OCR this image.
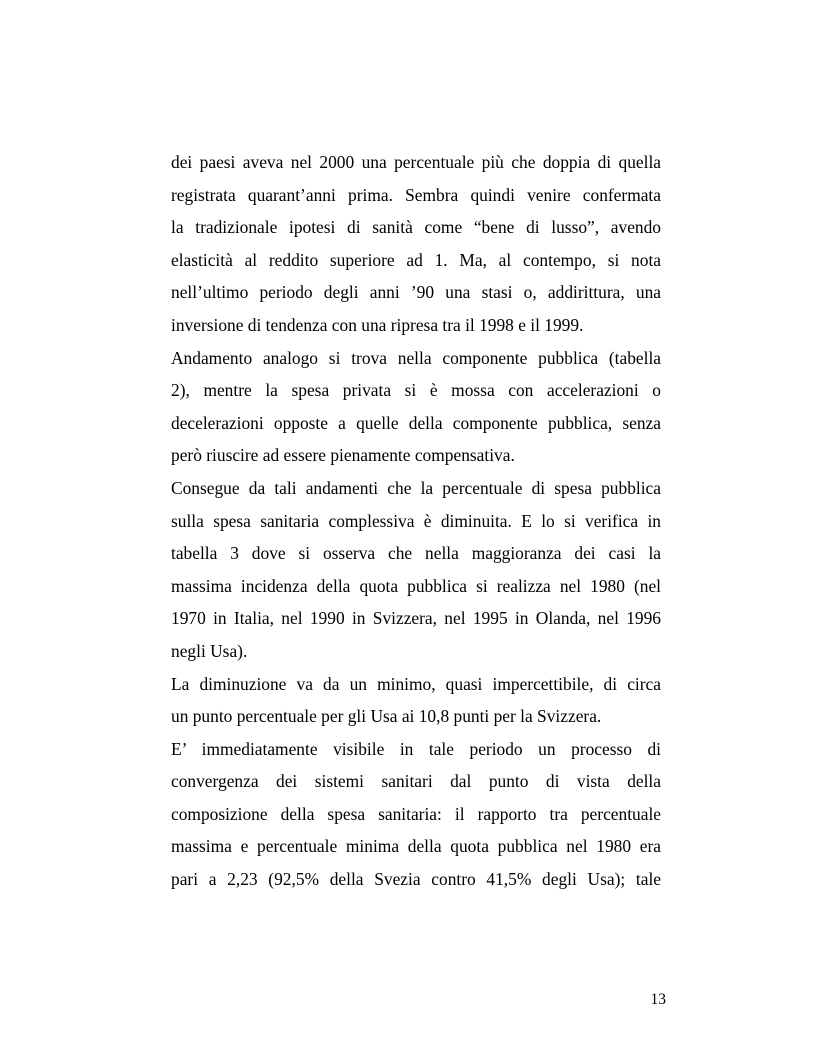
dei paesi aveva nel 2000 una percentuale più che doppia di quella
registrata quarant’anni prima. Sembra quindi venire confermata
la tradizionale ipotesi di sanità come “bene di lusso”, avendo
elasticità al reddito superiore ad 1. Ma, al contempo, si nota
nell’ultimo periodo degli anni ’90 una stasi o, addirittura, una
inversione di tendenza con una ripresa tra il 1998 e il 1999.
Andamento analogo si trova nella componente pubblica (tabella
2), mentre la spesa privata si è mossa con accelerazioni o
decelerazioni opposte a quelle della componente pubblica, senza
però riuscire ad essere pienamente compensativa.
Consegue da tali andamenti che la percentuale di spesa pubblica
sulla spesa sanitaria complessiva è diminuita. E lo si verifica in
tabella 3 dove si osserva che nella maggioranza dei casi la
massima incidenza della quota pubblica si realizza nel 1980 (nel
1970 in Italia, nel 1990 in Svizzera, nel 1995 in Olanda, nel 1996
negli Usa).
La diminuzione va da un minimo, quasi impercettibile, di circa
un punto percentuale per gli Usa ai 10,8 punti per la Svizzera.
E’ immediatamente visibile in tale periodo un processo di
convergenza dei sistemi sanitari dal punto di vista della
composizione della spesa sanitaria: il rapporto tra percentuale
massima e percentuale minima della quota pubblica nel 1980 era
pari a 2,23 (92,5% della Svezia contro 41,5% degli Usa); tale
13
